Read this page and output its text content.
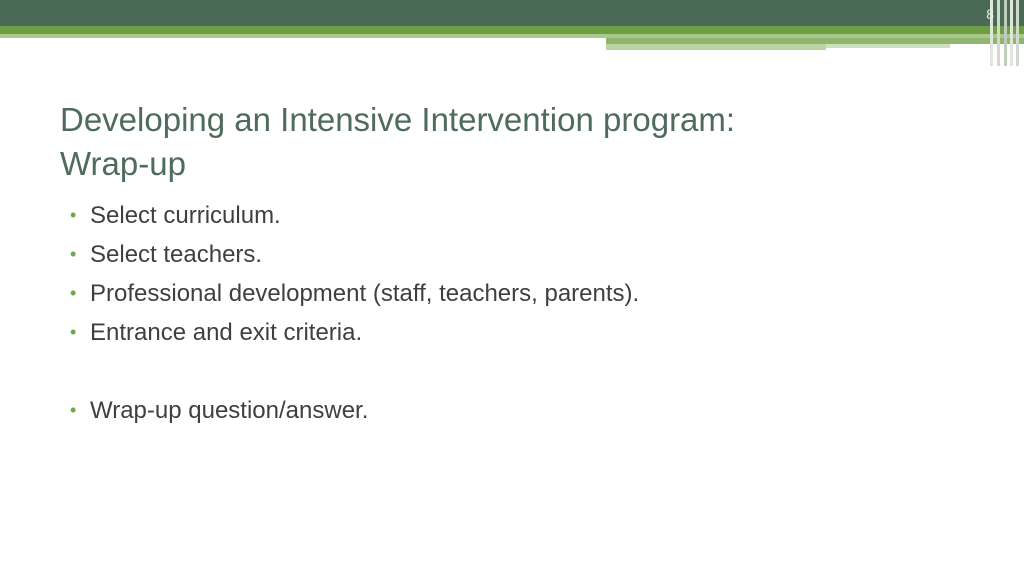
8
Developing an Intensive Intervention program:
Wrap-up
• Select curriculum.
• Select teachers.
• Professional development (staff, teachers, parents).
• Entrance and exit criteria.
• Wrap-up question/answer.
